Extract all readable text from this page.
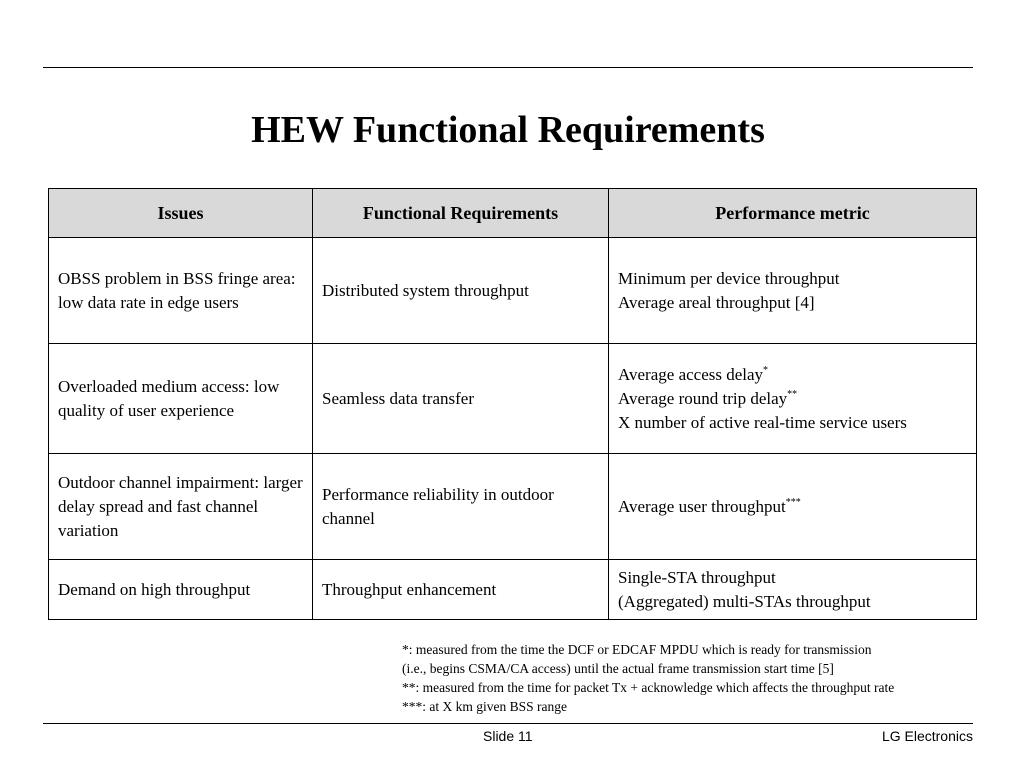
HEW Functional Requirements
Issues	Functional Requirements	Performance metric
OBSS problem in BSS fringe area: low data rate in edge users	Distributed system throughput	Minimum per device throughput
Average areal throughput [4]

Overloaded medium access: low quality of user experience	Seamless data transfer	Average access delay*
Average round trip delay**
X number of active real-time service users

Outdoor channel impairment: larger delay spread and fast channel variation	Performance reliability in outdoor channel	Average user throughput***

Demand on high throughput	Throughput enhancement	Single-STA throughput
(Aggregated) multi-STAs throughput
*: measured from the time the DCF or EDCAF MPDU which is ready for transmission
(i.e., begins CSMA/CA access) until the actual frame transmission start time [5]
**: measured from the time for packet Tx + acknowledge which affects the throughput rate
***: at X km given BSS range
Slide 11	LG Electronics
